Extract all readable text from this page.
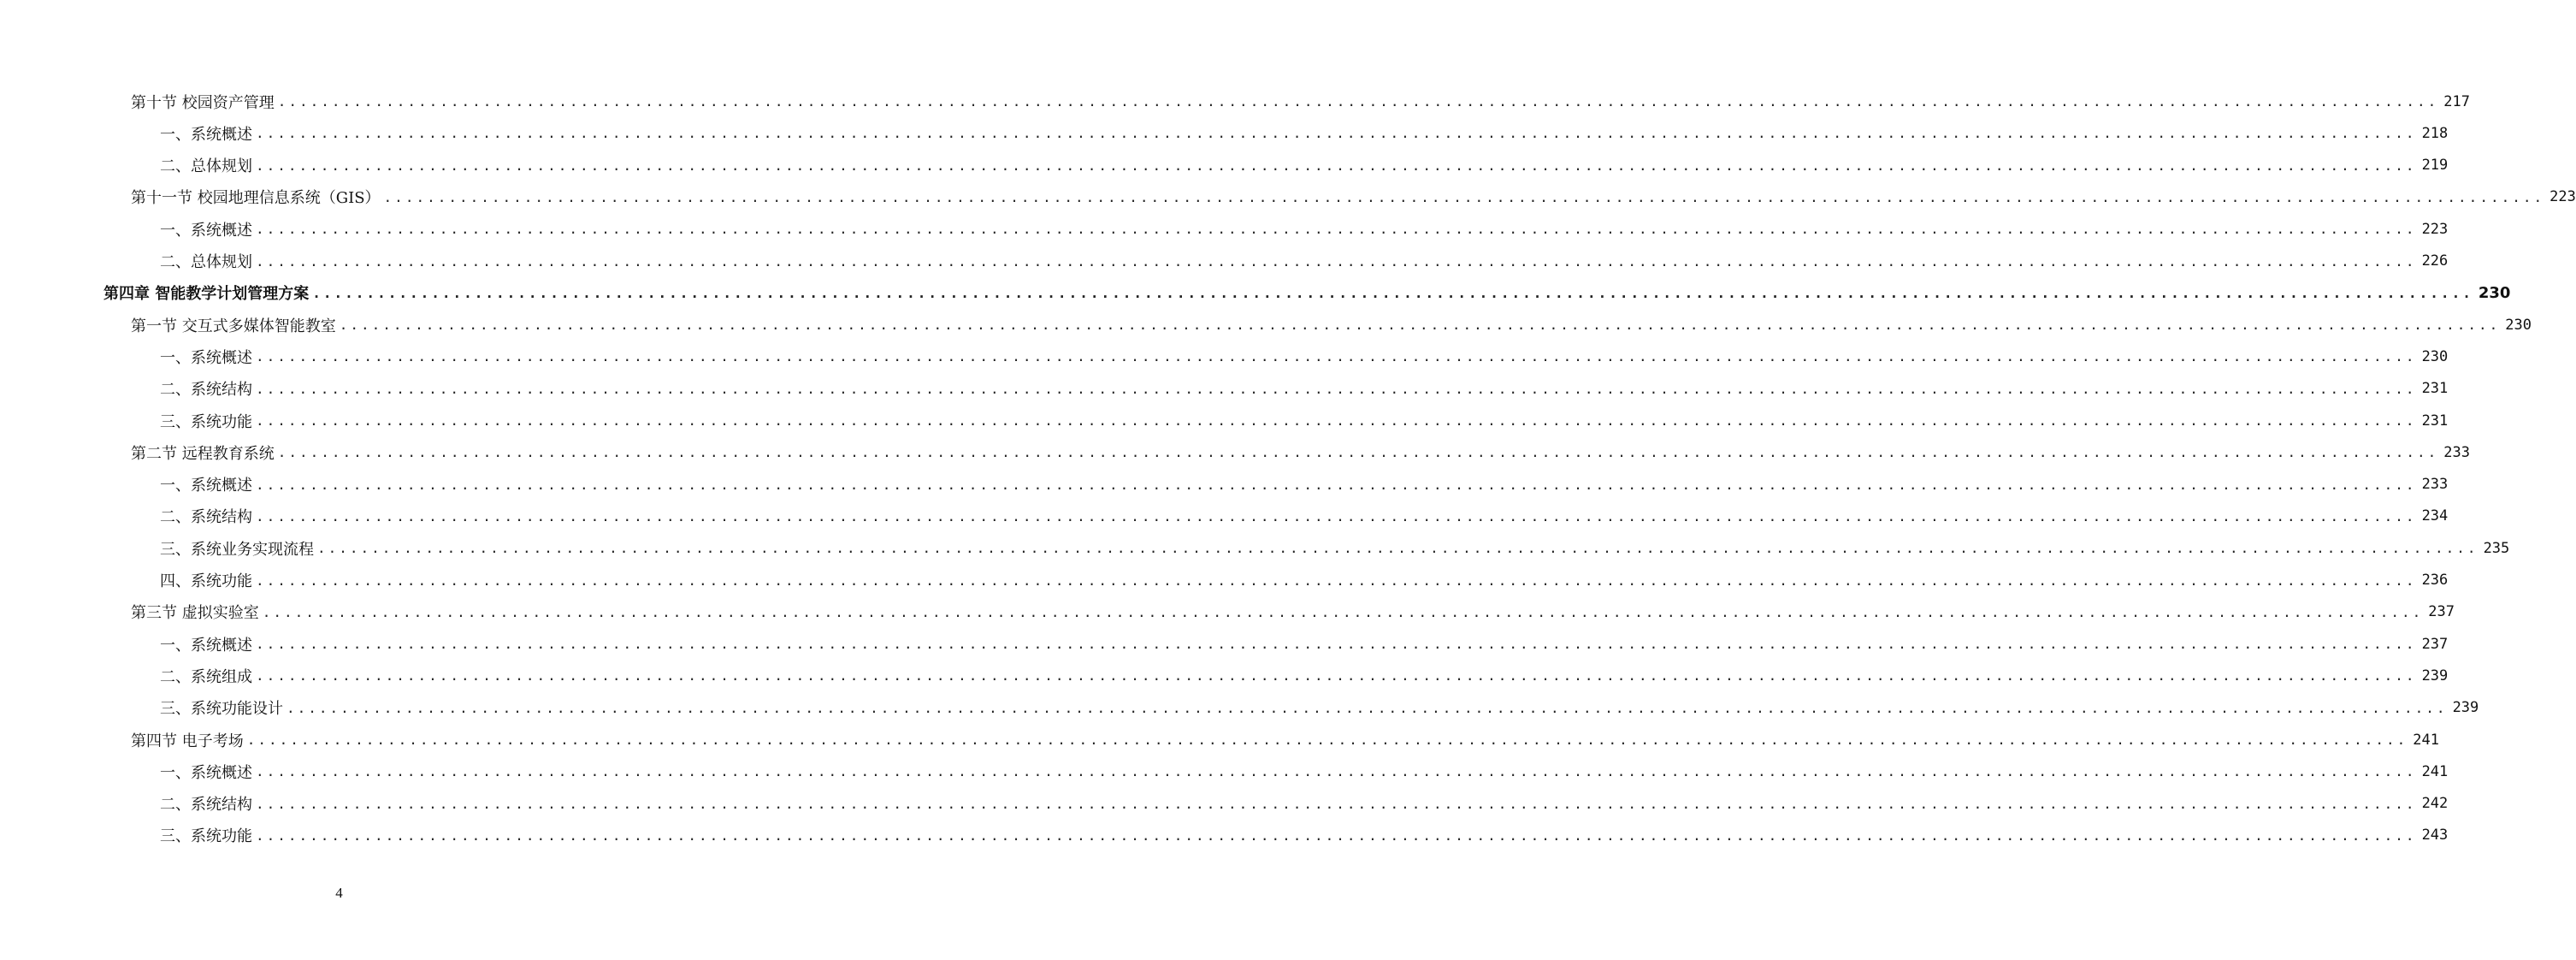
第十节 校园资产管理 ........................................................................................................................................................................................................ 217
一、系统概述 ........................................................................................................................................................................................................ 218
二、总体规划 ........................................................................................................................................................................................................ 219
第十一节 校园地理信息系统（GIS） ........................................................................................................................................................................................................ 223
一、系统概述 ........................................................................................................................................................................................................ 223
二、总体规划 ........................................................................................................................................................................................................ 226
第四章 智能教学计划管理方案 ........................................................................................................................................................................................................ 230
第一节 交互式多媒体智能教室 ........................................................................................................................................................................................................ 230
一、系统概述 ........................................................................................................................................................................................................ 230
二、系统结构 ........................................................................................................................................................................................................ 231
三、系统功能 ........................................................................................................................................................................................................ 231
第二节 远程教育系统 ........................................................................................................................................................................................................ 233
一、系统概述 ........................................................................................................................................................................................................ 233
二、系统结构 ........................................................................................................................................................................................................ 234
三、系统业务实现流程 ........................................................................................................................................................................................................ 235
四、系统功能 ........................................................................................................................................................................................................ 236
第三节 虚拟实验室 ........................................................................................................................................................................................................ 237
一、系统概述 ........................................................................................................................................................................................................ 237
二、系统组成 ........................................................................................................................................................................................................ 239
三、系统功能设计 ........................................................................................................................................................................................................ 239
第四节 电子考场 ........................................................................................................................................................................................................ 241
一、系统概述 ........................................................................................................................................................................................................ 241
二、系统结构 ........................................................................................................................................................................................................ 242
三、系统功能 ........................................................................................................................................................................................................ 243
4
